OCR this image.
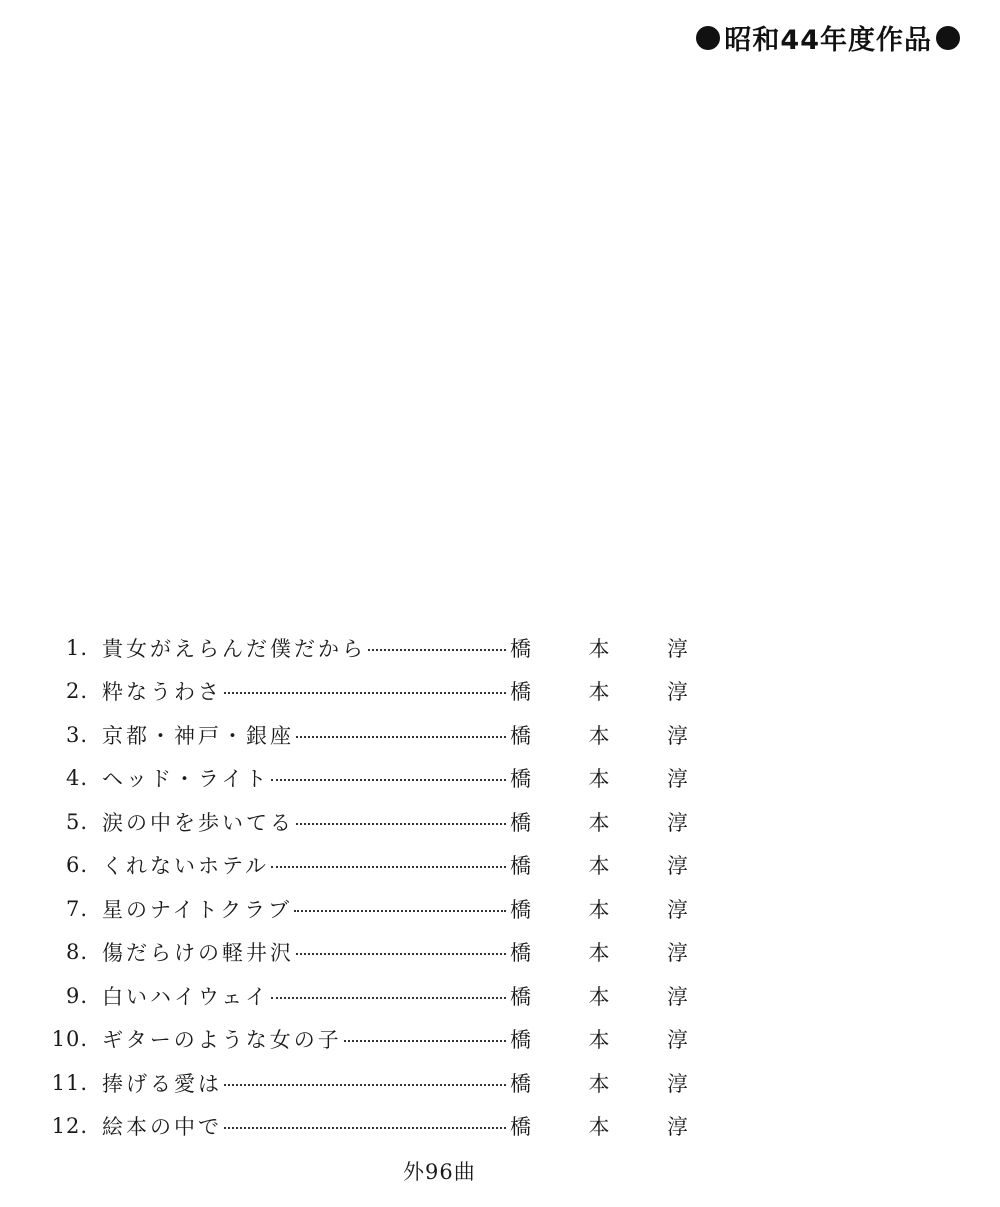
昭和44年度作品
1. 貴女がえらんだ僕だから	橋	本	淳
2. 粋なうわさ	橋	本	淳
3. 京都・神戸・銀座	橋	本	淳
4. ヘッド・ライト	橋	本	淳
5. 涙の中を歩いてる	橋	本	淳
6. くれないホテル	橋	本	淳
7. 星のナイトクラブ	橋	本	淳
8. 傷だらけの軽井沢	橋	本	淳
9. 白いハイウェイ	橋	本	淳
10. ギターのような女の子	橋	本	淳
11. 捧げる愛は	橋	本	淳
12. 絵本の中で	橋	本	淳
外96曲
